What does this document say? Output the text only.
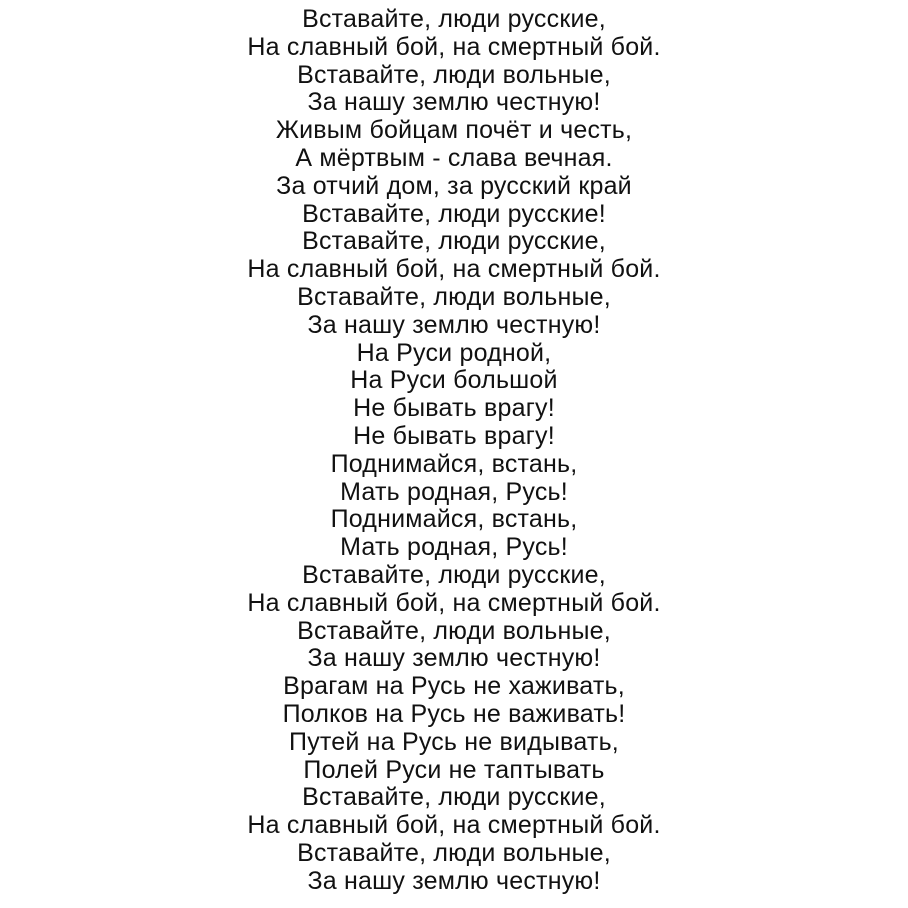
Вставайте, люди русские,
На славный бой, на смертный бой.
Вставайте, люди вольные,
За нашу землю честную!
Живым бойцам почёт и честь,
А мёртвым - слава вечная.
За отчий дом, за русский край
Вставайте, люди русские!
Вставайте, люди русские,
На славный бой, на смертный бой.
Вставайте, люди вольные,
За нашу землю честную!
На Руси родной,
На Руси большой
Не бывать врагу!
Не бывать врагу!
Поднимайся, встань,
Мать родная, Русь!
Поднимайся, встань,
Мать родная, Русь!
Вставайте, люди русские,
На славный бой, на смертный бой.
Вставайте, люди вольные,
За нашу землю честную!
Врагам на Русь не хаживать,
Полков на Русь не важивать!
Путей на Русь не видывать,
Полей Руси не таптывать
Вставайте, люди русские,
На славный бой, на смертный бой.
Вставайте, люди вольные,
За нашу землю честную!
